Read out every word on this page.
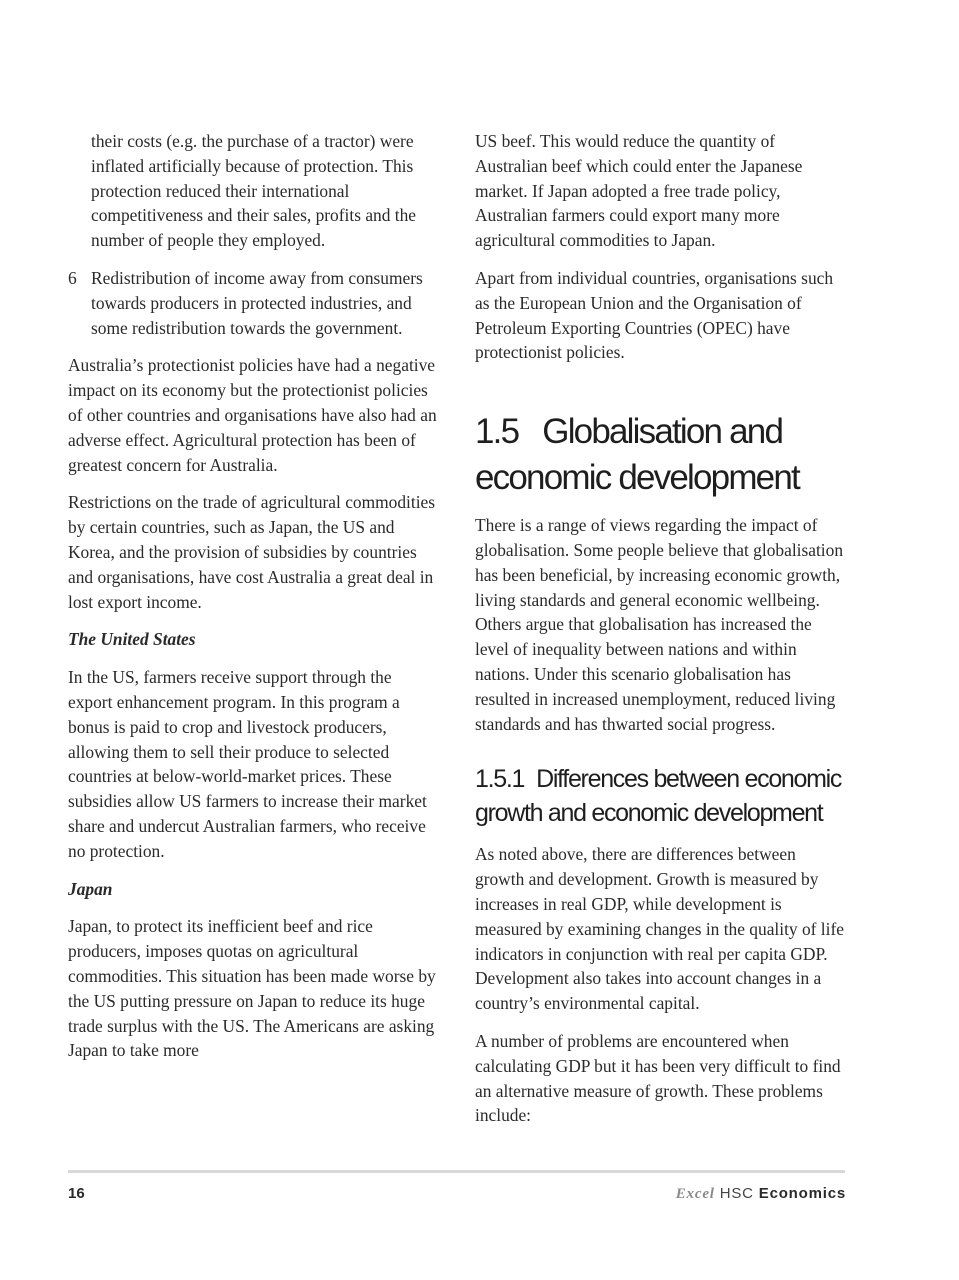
their costs (e.g. the purchase of a tractor) were inflated artificially because of protection. This protection reduced their international competitiveness and their sales, profits and the number of people they employed.

6 Redistribution of income away from consumers towards producers in protected industries, and some redistribution towards the government.

Australia’s protectionist policies have had a negative impact on its economy but the protectionist policies of other countries and organisations have also had an adverse effect. Agricultural protection has been of greatest concern for Australia.

Restrictions on the trade of agricultural commodities by certain countries, such as Japan, the US and Korea, and the provision of subsidies by countries and organisations, have cost Australia a great deal in lost export income.

The United States

In the US, farmers receive support through the export enhancement program. In this program a bonus is paid to crop and livestock producers, allowing them to sell their produce to selected countries at below-world-market prices. These subsidies allow US farmers to increase their market share and undercut Australian farmers, who receive no protection.

Japan

Japan, to protect its inefficient beef and rice producers, imposes quotas on agricultural commodities. This situation has been made worse by the US putting pressure on Japan to reduce its huge trade surplus with the US. The Americans are asking Japan to take more

US beef. This would reduce the quantity of Australian beef which could enter the Japanese market. If Japan adopted a free trade policy, Australian farmers could export many more agricultural commodities to Japan.

Apart from individual countries, organisations such as the European Union and the Organisation of Petroleum Exporting Countries (OPEC) have protectionist policies.

1.5 Globalisation and economic development

There is a range of views regarding the impact of globalisation. Some people believe that globalisation has been beneficial, by increasing economic growth, living standards and general economic wellbeing. Others argue that globalisation has increased the level of inequality between nations and within nations. Under this scenario globalisation has resulted in increased unemployment, reduced living standards and has thwarted social progress.

1.5.1 Differences between economic growth and economic development

As noted above, there are differences between growth and development. Growth is measured by increases in real GDP, while development is measured by examining changes in the quality of life indicators in conjunction with real per capita GDP. Development also takes into account changes in a country’s environmental capital.

A number of problems are encountered when calculating GDP but it has been very difficult to find an alternative measure of growth. These problems include:

16	Excel HSC Economics
